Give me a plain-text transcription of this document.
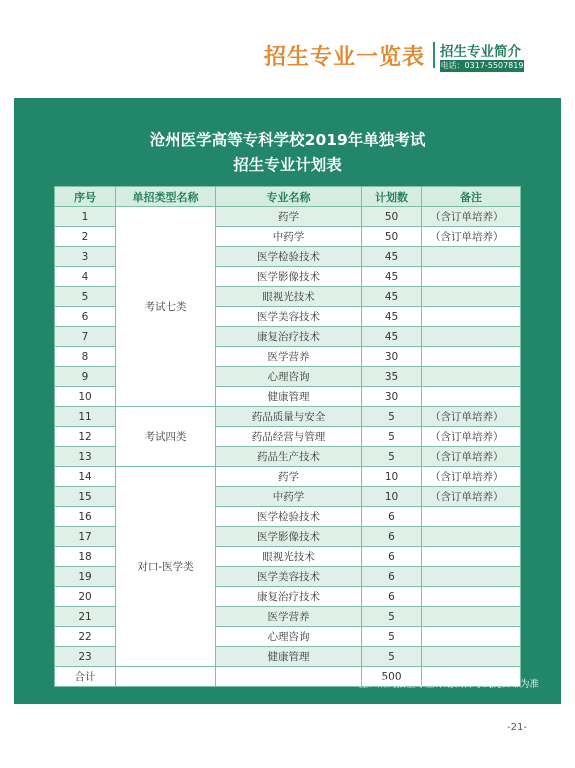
招生专业一览表 招生专业简介
电话：0317-5507819
沧州医学高等专科学校2019年单独考试
招生专业计划表
序号	单招类型名称	专业名称	计划数	备注
1	考试七类	药学	50	（含订单培养）
2		中药学	50	（含订单培养）
3		医学检验技术	45	
4		医学影像技术	45	
5		眼视光技术	45	
6		医学美容技术	45	
7		康复治疗技术	45	
8		医学营养	30	
9		心理咨询	35	
10		健康管理	30	
11	考试四类	药品质量与安全	5	（含订单培养）
12		药品经营与管理	5	（含订单培养）
13		药品生产技术	5	（含订单培养）
14	对口-医学类	药学	10	（含订单培养）
15		中药学	10	（含订单培养）
16		医学检验技术	6	
17		医学影像技术	6	
18		眼视光技术	6	
19		医学美容技术	6	
20		康复治疗技术	6	
21		医学营养	5	
22		心理咨询	5	
23		健康管理	5	
合计			500	
注：所列招生专业计划以省考试院公布为准
-21-
